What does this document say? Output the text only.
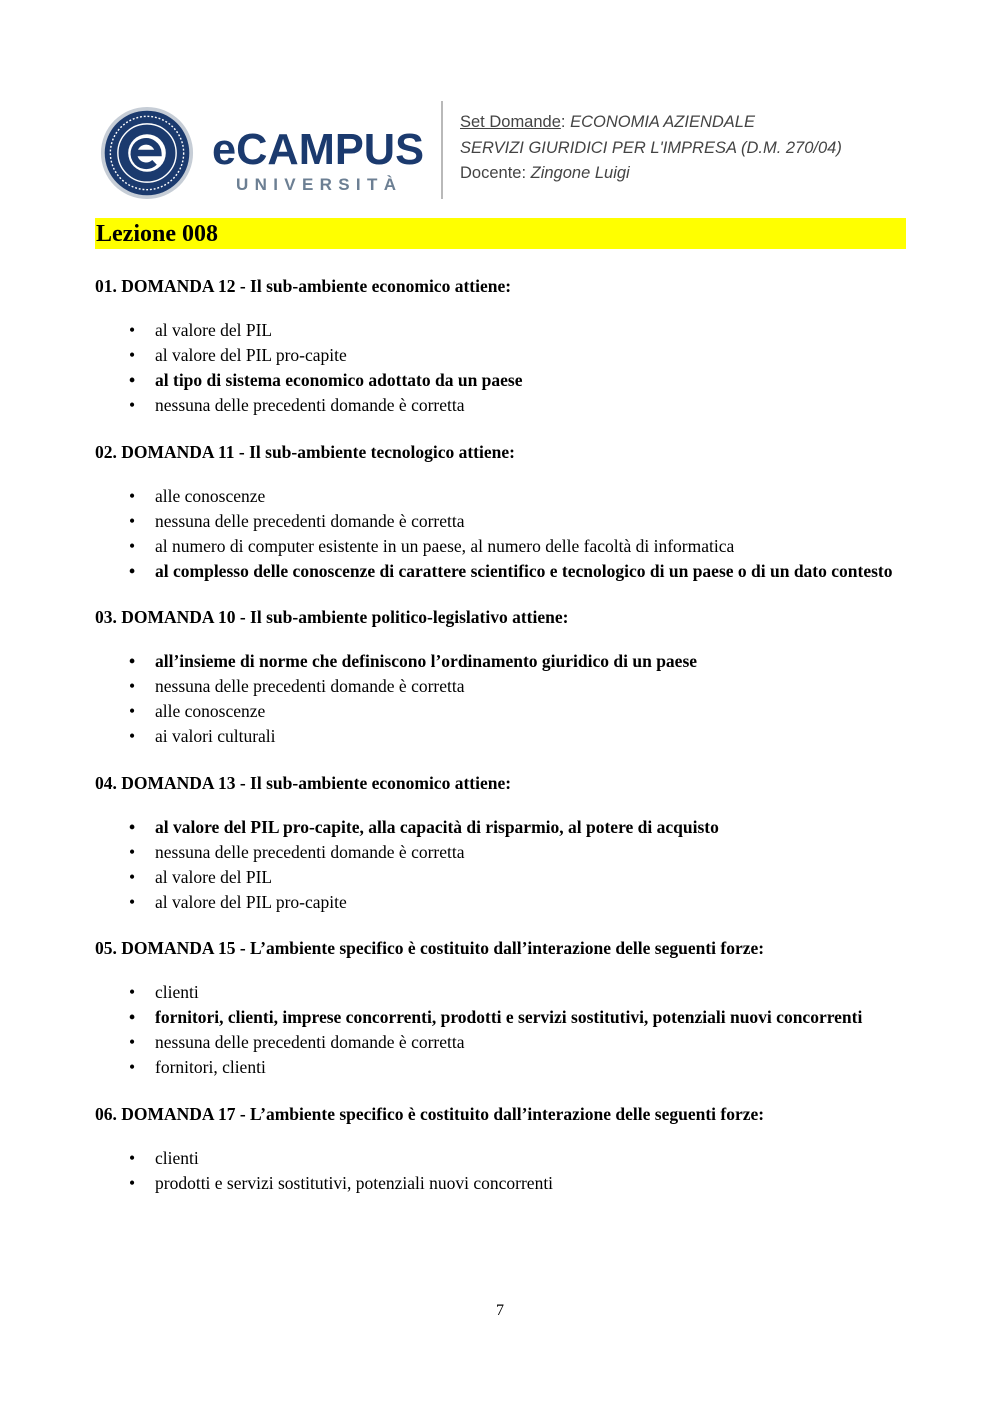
eCAMPUS
UNIVERSITÀ
Set Domande: ECONOMIA AZIENDALE
SERVIZI GIURIDICI PER L'IMPRESA (D.M. 270/04)
Docente: Zingone Luigi
Lezione 008

01. DOMANDA 12 - Il sub-ambiente economico attiene:

• al valore del PIL
• al valore del PIL pro-capite
• al tipo di sistema economico adottato da un paese
• nessuna delle precedenti domande è corretta

02. DOMANDA 11 - Il sub-ambiente tecnologico attiene:

• alle conoscenze
• nessuna delle precedenti domande è corretta
• al numero di computer esistente in un paese, al numero delle facoltà di informatica
• al complesso delle conoscenze di carattere scientifico e tecnologico di un paese o di un dato contesto

03. DOMANDA 10 - Il sub-ambiente politico-legislativo attiene:

• all’insieme di norme che definiscono l’ordinamento giuridico di un paese
• nessuna delle precedenti domande è corretta
• alle conoscenze
• ai valori culturali

04. DOMANDA 13 - Il sub-ambiente economico attiene:

• al valore del PIL pro-capite, alla capacità di risparmio, al potere di acquisto
• nessuna delle precedenti domande è corretta
• al valore del PIL
• al valore del PIL pro-capite

05. DOMANDA 15 - L’ambiente specifico è costituito dall’interazione delle seguenti forze:

• clienti
• fornitori, clienti, imprese concorrenti, prodotti e servizi sostitutivi, potenziali nuovi concorrenti
• nessuna delle precedenti domande è corretta
• fornitori, clienti

06. DOMANDA 17 - L’ambiente specifico è costituito dall’interazione delle seguenti forze:

• clienti
• prodotti e servizi sostitutivi, potenziali nuovi concorrenti
7
